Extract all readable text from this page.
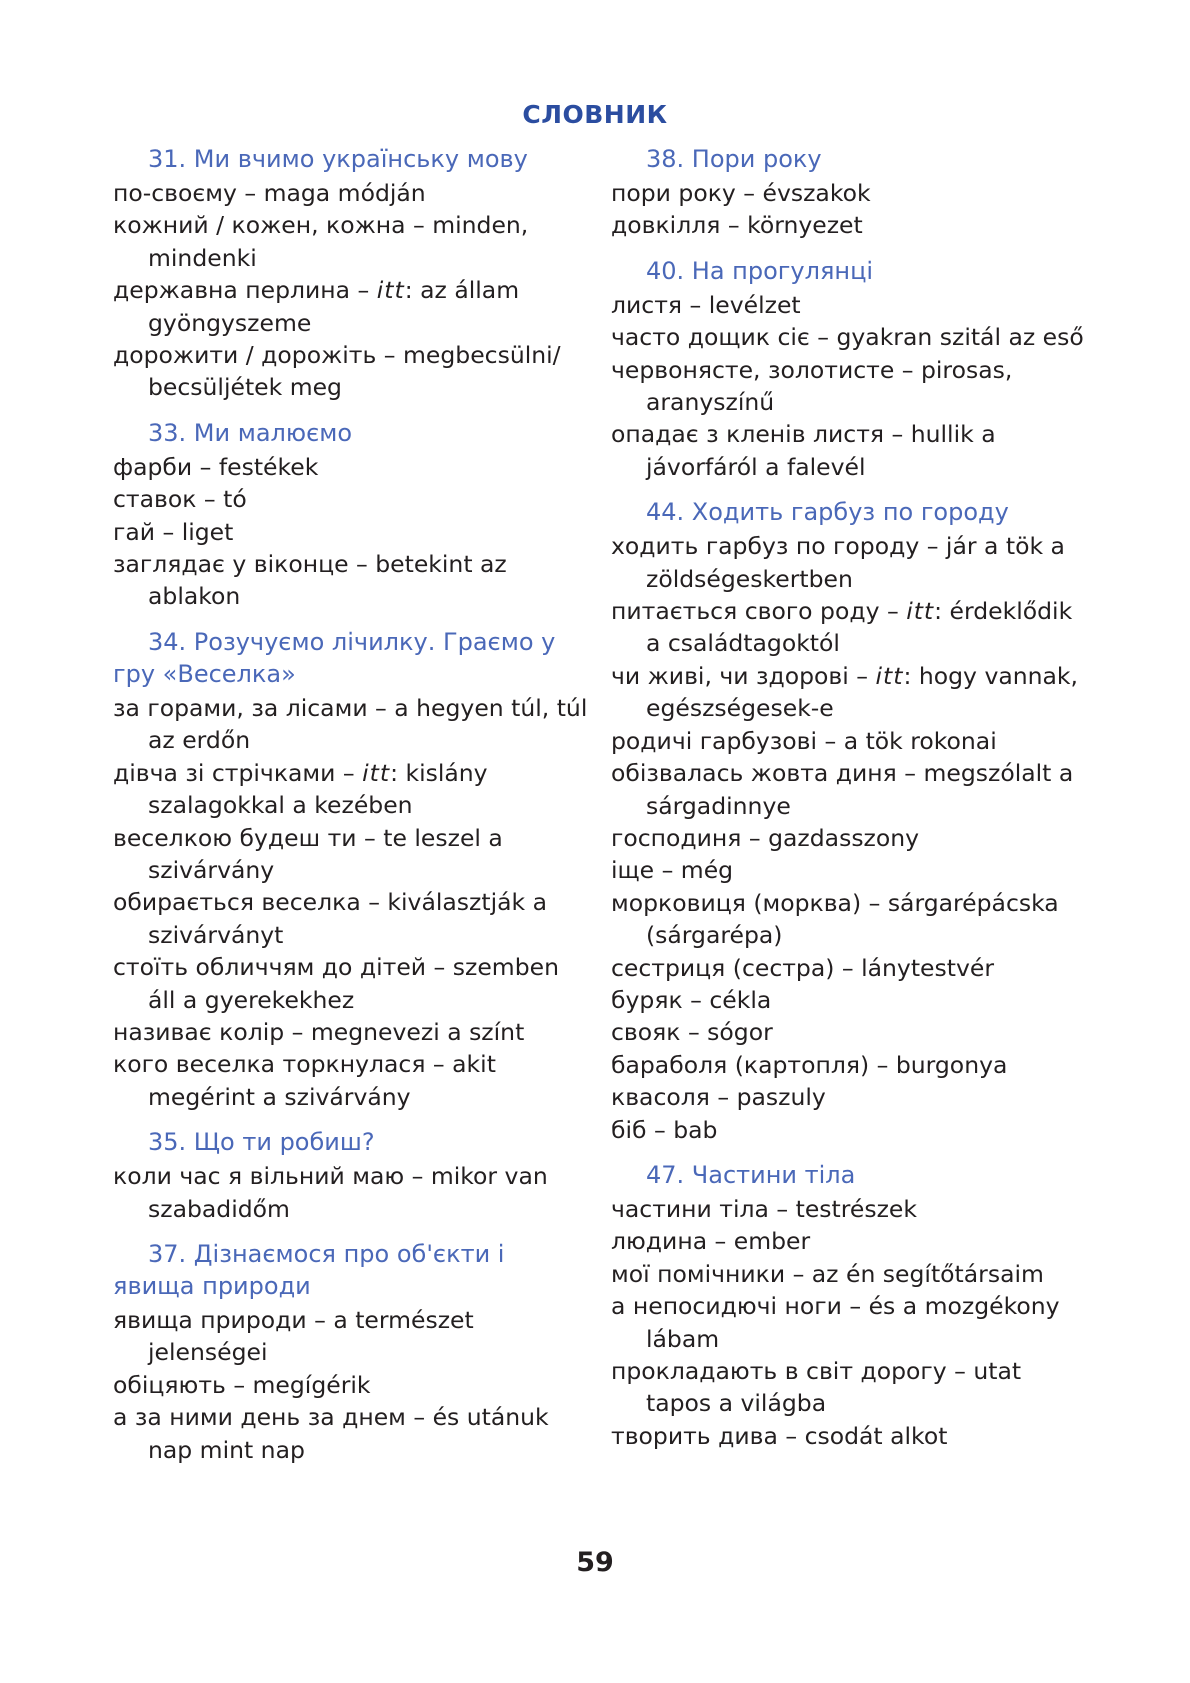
СЛОВНИК
31. Ми вчимо українську мову
по-своєму – maga módján
кожний / кожен, кожна – minden, mindenki
державна перлина – itt: az állam gyöngyszeme
дорожити / дорожіть – megbecsülni/ becsüljétek meg
33. Ми малюємо
фарби – festékek
ставок – tó
гай – liget
заглядає у віконце – betekint az ablakon
34. Розучуємо лічилку. Граємо у гру «Веселка»
за горами, за лісами – a hegyen túl, túl az erdőn
дівча зі стрічками – itt: kislány szalagokkal a kezében
веселкою будеш ти – te leszel a szivárvány
обирається веселка – kiválasztják a szivárványt
стоїть обличчям до дітей – szemben áll a gyerekekhez
називає колір – megnevezi a színt
кого веселка торкнулася – akit megérint a szivárvány
35. Що ти робиш?
коли час я вільний маю – mikor van szabadidőm
37. Дізнаємося про об'єкти і явища природи
явища природи – a természet jelenségei
обіцяють – megígérik
а за ними день за днем – és utánuk nap mint nap
38. Пори року
пори року – évszakok
довкілля – környezet
40. На прогулянці
листя – levélzet
часто дощик сіє – gyakran szitál az eső
червонясте, золотисте – pirosas, aranyszínű
опадає з кленів листя – hullik a jávorfáról a falevél
44. Ходить гарбуз по городу
ходить гарбуз по городу – jár a tök a zöldségeskertben
питається свого роду – itt: érdeklődik a családtagoktól
чи живі, чи здорові – itt: hogy vannak, egészségesek-e
родичі гарбузові – a tök rokonai
обізвалась жовта диня – megszólalt a sárgadinnye
господиня – gazdasszony
іще – még
морковиця (морква) – sárgarépácska (sárgarépa)
сестриця (сестра) – lánytestvér
буряк – cékla
свояк – sógor
бараболя (картопля) – burgonya
квасоля – paszuly
біб – bab
47. Частини тіла
частини тіла – testrészek
людина – ember
мої помічники – az én segítőtársaim
а непосидючі ноги – és a mozgékony lábam
прокладають в світ дорогу – utat tapos a világba
творить дива – csodát alkot
59
